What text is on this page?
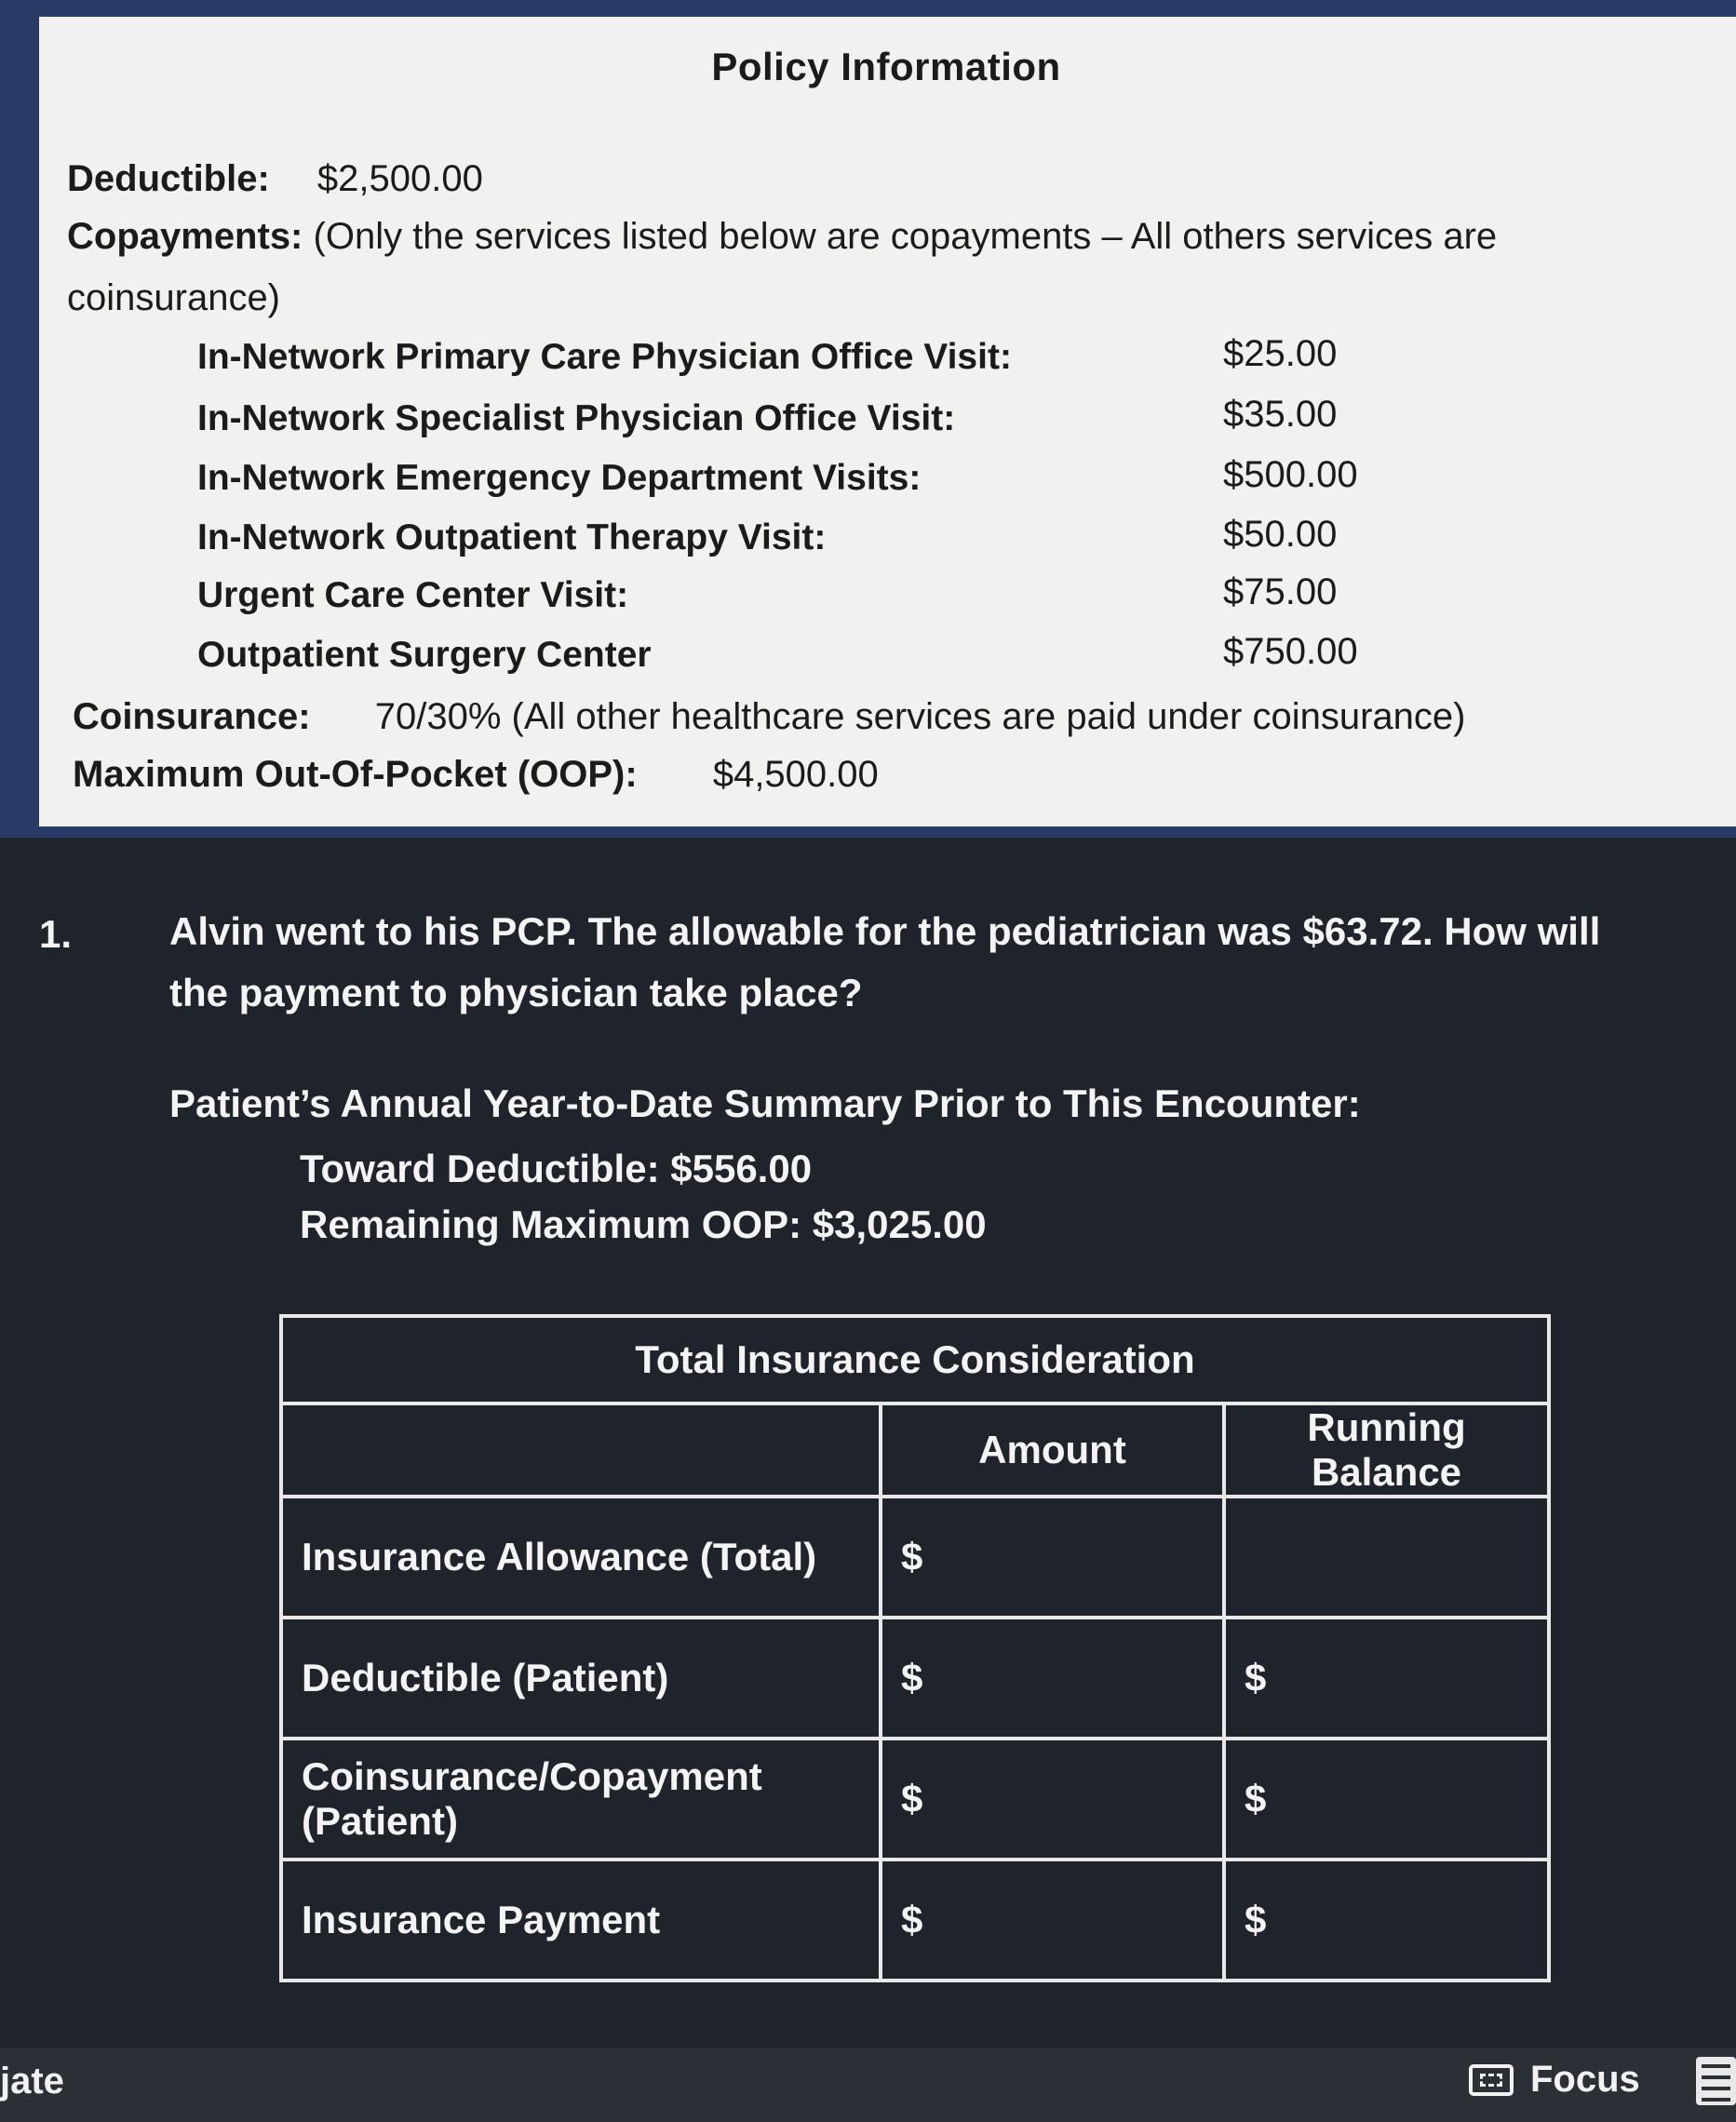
Policy Information
Deductible: $2,500.00
Copayments: (Only the services listed below are copayments – All others services are
coinsurance)
In-Network Primary Care Physician Office Visit:	$25.00
In-Network Specialist Physician Office Visit:	$35.00
In-Network Emergency Department Visits:	$500.00
In-Network Outpatient Therapy Visit:	$50.00
Urgent Care Center Visit:	$75.00
Outpatient Surgery Center	$750.00
Coinsurance: 70/30% (All other healthcare services are paid under coinsurance)
Maximum Out-Of-Pocket (OOP): $4,500.00
1. Alvin went to his PCP. The allowable for the pediatrician was $63.72. How will the payment to physician take place?
Patient’s Annual Year-to-Date Summary Prior to This Encounter:
Toward Deductible: $556.00
Remaining Maximum OOP: $3,025.00
Total Insurance Consideration		
	Amount	Running Balance
Insurance Allowance (Total)	$	
Deductible (Patient)	$	$
Coinsurance/Copayment (Patient)	$	$
Insurance Payment	$	$
jate	Focus
